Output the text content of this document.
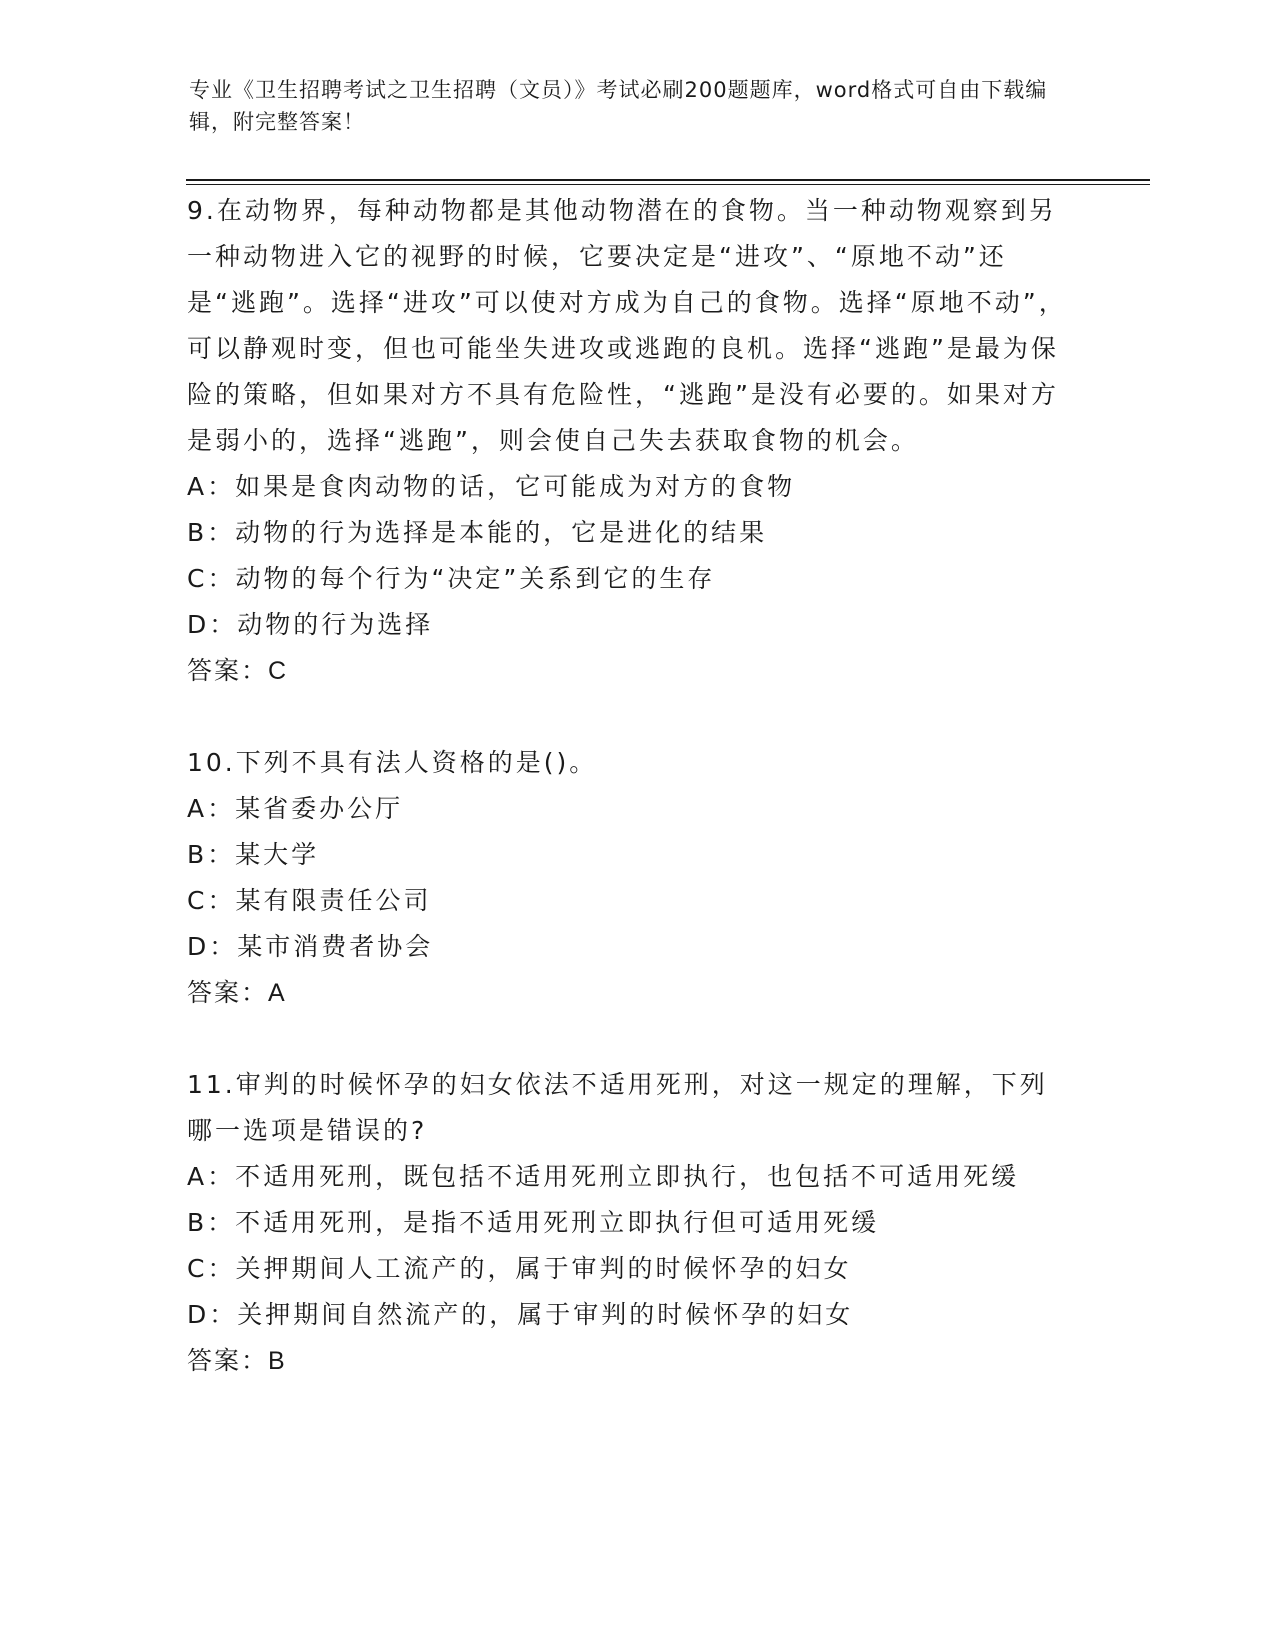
专业《卫生招聘考试之卫生招聘（文员）》考试必刷200题题库，word格式可自由下载编辑，附完整答案！

9.在动物界，每种动物都是其他动物潜在的食物。当一种动物观察到另一种动物进入它的视野的时候，它要决定是“进攻”、“原地不动”还是“逃跑”。选择“进攻”可以使对方成为自己的食物。选择“原地不动”，可以静观时变，但也可能坐失进攻或逃跑的良机。选择“逃跑”是最为保险的策略，但如果对方不具有危险性，“逃跑”是没有必要的。如果对方是弱小的，选择“逃跑”，则会使自己失去获取食物的机会。

A：如果是食肉动物的话，它可能成为对方的食物

B：动物的行为选择是本能的，它是进化的结果

C：动物的每个行为“决定”关系到它的生存

D：动物的行为选择

答案：C

10.下列不具有法人资格的是()。

A：某省委办公厅

B：某大学

C：某有限责任公司

D：某市消费者协会

答案：A

11.审判的时候怀孕的妇女依法不适用死刑，对这一规定的理解，下列哪一选项是错误的?

A：不适用死刑，既包括不适用死刑立即执行，也包括不可适用死缓

B：不适用死刑，是指不适用死刑立即执行但可适用死缓

C：关押期间人工流产的，属于审判的时候怀孕的妇女

D：关押期间自然流产的，属于审判的时候怀孕的妇女

答案：B
